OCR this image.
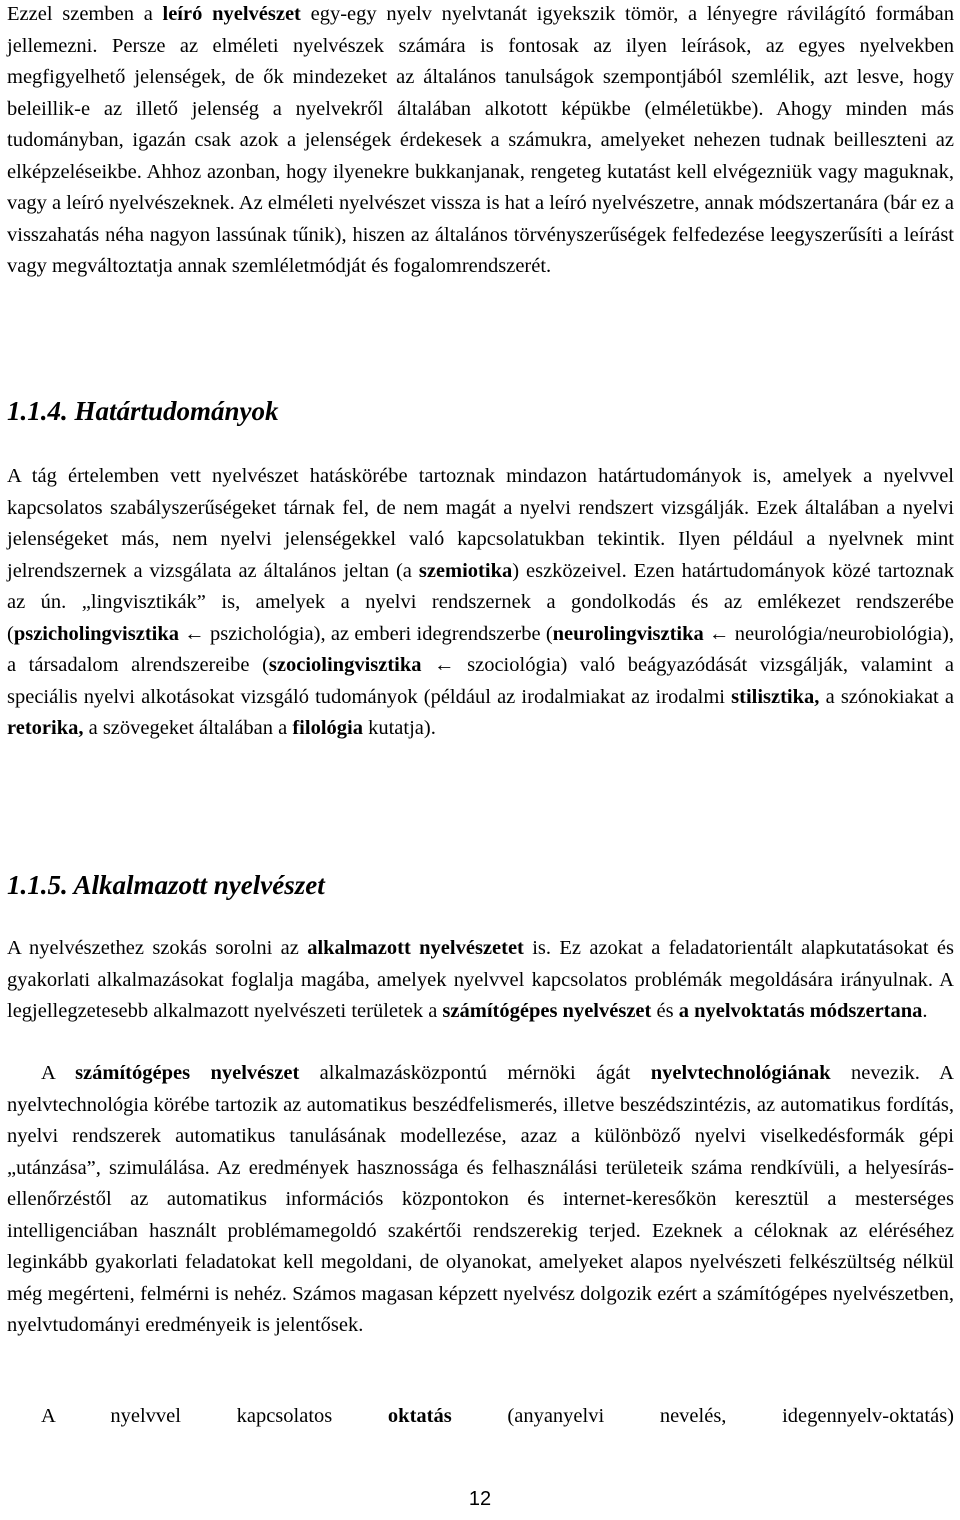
Ezzel szemben a leíró nyelvészet egy-egy nyelv nyelvtanát igyekszik tömör, a lényegre rávilágító formában jellemezni. Persze az elméleti nyelvészek számára is fontosak az ilyen leírások, az egyes nyelvekben megfigyelhető jelenségek, de ők mindezeket az általános tanulságok szempontjából szemlélik, azt lesve, hogy beleillik-e az illető jelenség a nyelvekről általában alkotott képükbe (elméletükbe). Ahogy minden más tudományban, igazán csak azok a jelenségek érdekesek a számukra, amelyeket nehezen tudnak beilleszteni az elképzeléseikbe. Ahhoz azonban, hogy ilyenekre bukkanjanak, rengeteg kutatást kell elvégezniük vagy maguknak, vagy a leíró nyelvészeknek. Az elméleti nyelvészet vissza is hat a leíró nyelvészetre, annak módszertanára (bár ez a visszahatás néha nagyon lassúnak tűnik), hiszen az általános törvényszerűségek felfedezése leegyszerűsíti a leírást vagy megváltoztatja annak szemléletmódját és fogalomrendszerét.

1.1.4. Határtudományok

A tág értelemben vett nyelvészet hatáskörébe tartoznak mindazon határtudományok is, amelyek a nyelvvel kapcsolatos szabályszerűségeket tárnak fel, de nem magát a nyelvi rendszert vizsgálják. Ezek általában a nyelvi jelenségeket más, nem nyelvi jelenségekkel való kapcsolatukban tekintik. Ilyen például a nyelvnek mint jelrendszernek a vizsgálata az általános jeltan (a szemiotika) eszközeivel. Ezen határtudományok közé tartoznak az ún. „lingvisztikák” is, amelyek a nyelvi rendszernek a gondolkodás és az emlékezet rendszerébe (pszicholingvisztika ← pszichológia), az emberi idegrendszerbe (neurolingvisztika ← neurológia/neurobiológia), a társadalom alrendszereibe (szociolingvisztika ← szociológia) való beágyazódását vizsgálják, valamint a speciális nyelvi alkotásokat vizsgáló tudományok (például az irodalmiakat az irodalmi stilisztika, a szónokiakat a retorika, a szövegeket általában a filológia kutatja).

1.1.5. Alkalmazott nyelvészet

A nyelvészethez szokás sorolni az alkalmazott nyelvészetet is. Ez azokat a feladatorientált alapkutatásokat és gyakorlati alkalmazásokat foglalja magába, amelyek nyelvvel kapcsolatos problémák megoldására irányulnak. A legjellegzetesebb alkalmazott nyelvészeti területek a számítógépes nyelvészet és a nyelvoktatás módszertana.

A számítógépes nyelvészet alkalmazásközpontú mérnöki ágát nyelvtechnológiának nevezik. A nyelvtechnológia körébe tartozik az automatikus beszédfelismerés, illetve beszédszintézis, az automatikus fordítás, nyelvi rendszerek automatikus tanulásának modellezése, azaz a különböző nyelvi viselkedésformák gépi „utánzása”, szimulálása. Az eredmények hasznossága és felhasználási területeik száma rendkívüli, a helyesírás-ellenőrzéstől az automatikus információs központokon és internet-keresőkön keresztül a mesterséges intelligenciában használt problémamegoldó szakértői rendszerekig terjed. Ezeknek a céloknak az eléréséhez leginkább gyakorlati feladatokat kell megoldani, de olyanokat, amelyeket alapos nyelvészeti felkészültség nélkül még megérteni, felmérni is nehéz. Számos magasan képzett nyelvész dolgozik ezért a számítógépes nyelvészetben, nyelvtudományi eredményeik is jelentősek.

A nyelvvel kapcsolatos oktatás (anyanyelvi nevelés, idegennyelv-oktatás)

12
